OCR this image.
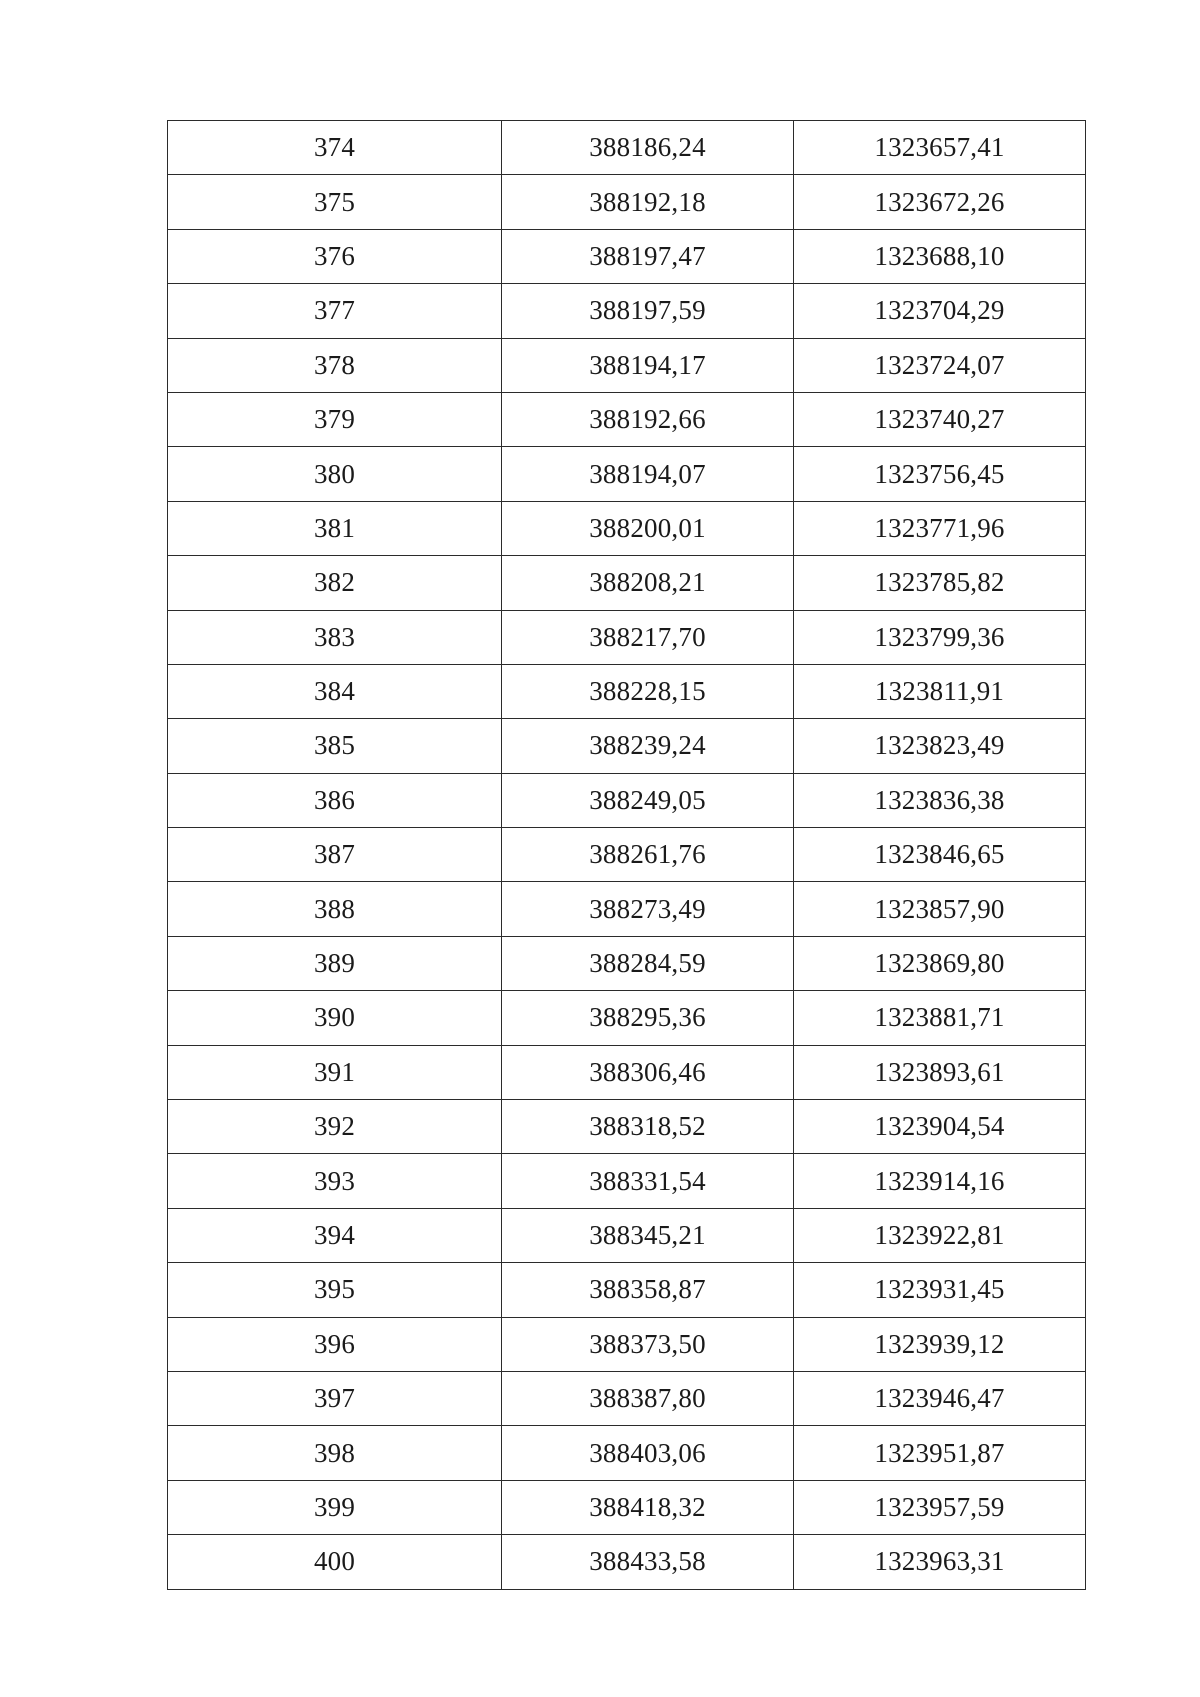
374	388186,24	1323657,41
375	388192,18	1323672,26
376	388197,47	1323688,10
377	388197,59	1323704,29
378	388194,17	1323724,07
379	388192,66	1323740,27
380	388194,07	1323756,45
381	388200,01	1323771,96
382	388208,21	1323785,82
383	388217,70	1323799,36
384	388228,15	1323811,91
385	388239,24	1323823,49
386	388249,05	1323836,38
387	388261,76	1323846,65
388	388273,49	1323857,90
389	388284,59	1323869,80
390	388295,36	1323881,71
391	388306,46	1323893,61
392	388318,52	1323904,54
393	388331,54	1323914,16
394	388345,21	1323922,81
395	388358,87	1323931,45
396	388373,50	1323939,12
397	388387,80	1323946,47
398	388403,06	1323951,87
399	388418,32	1323957,59
400	388433,58	1323963,31
